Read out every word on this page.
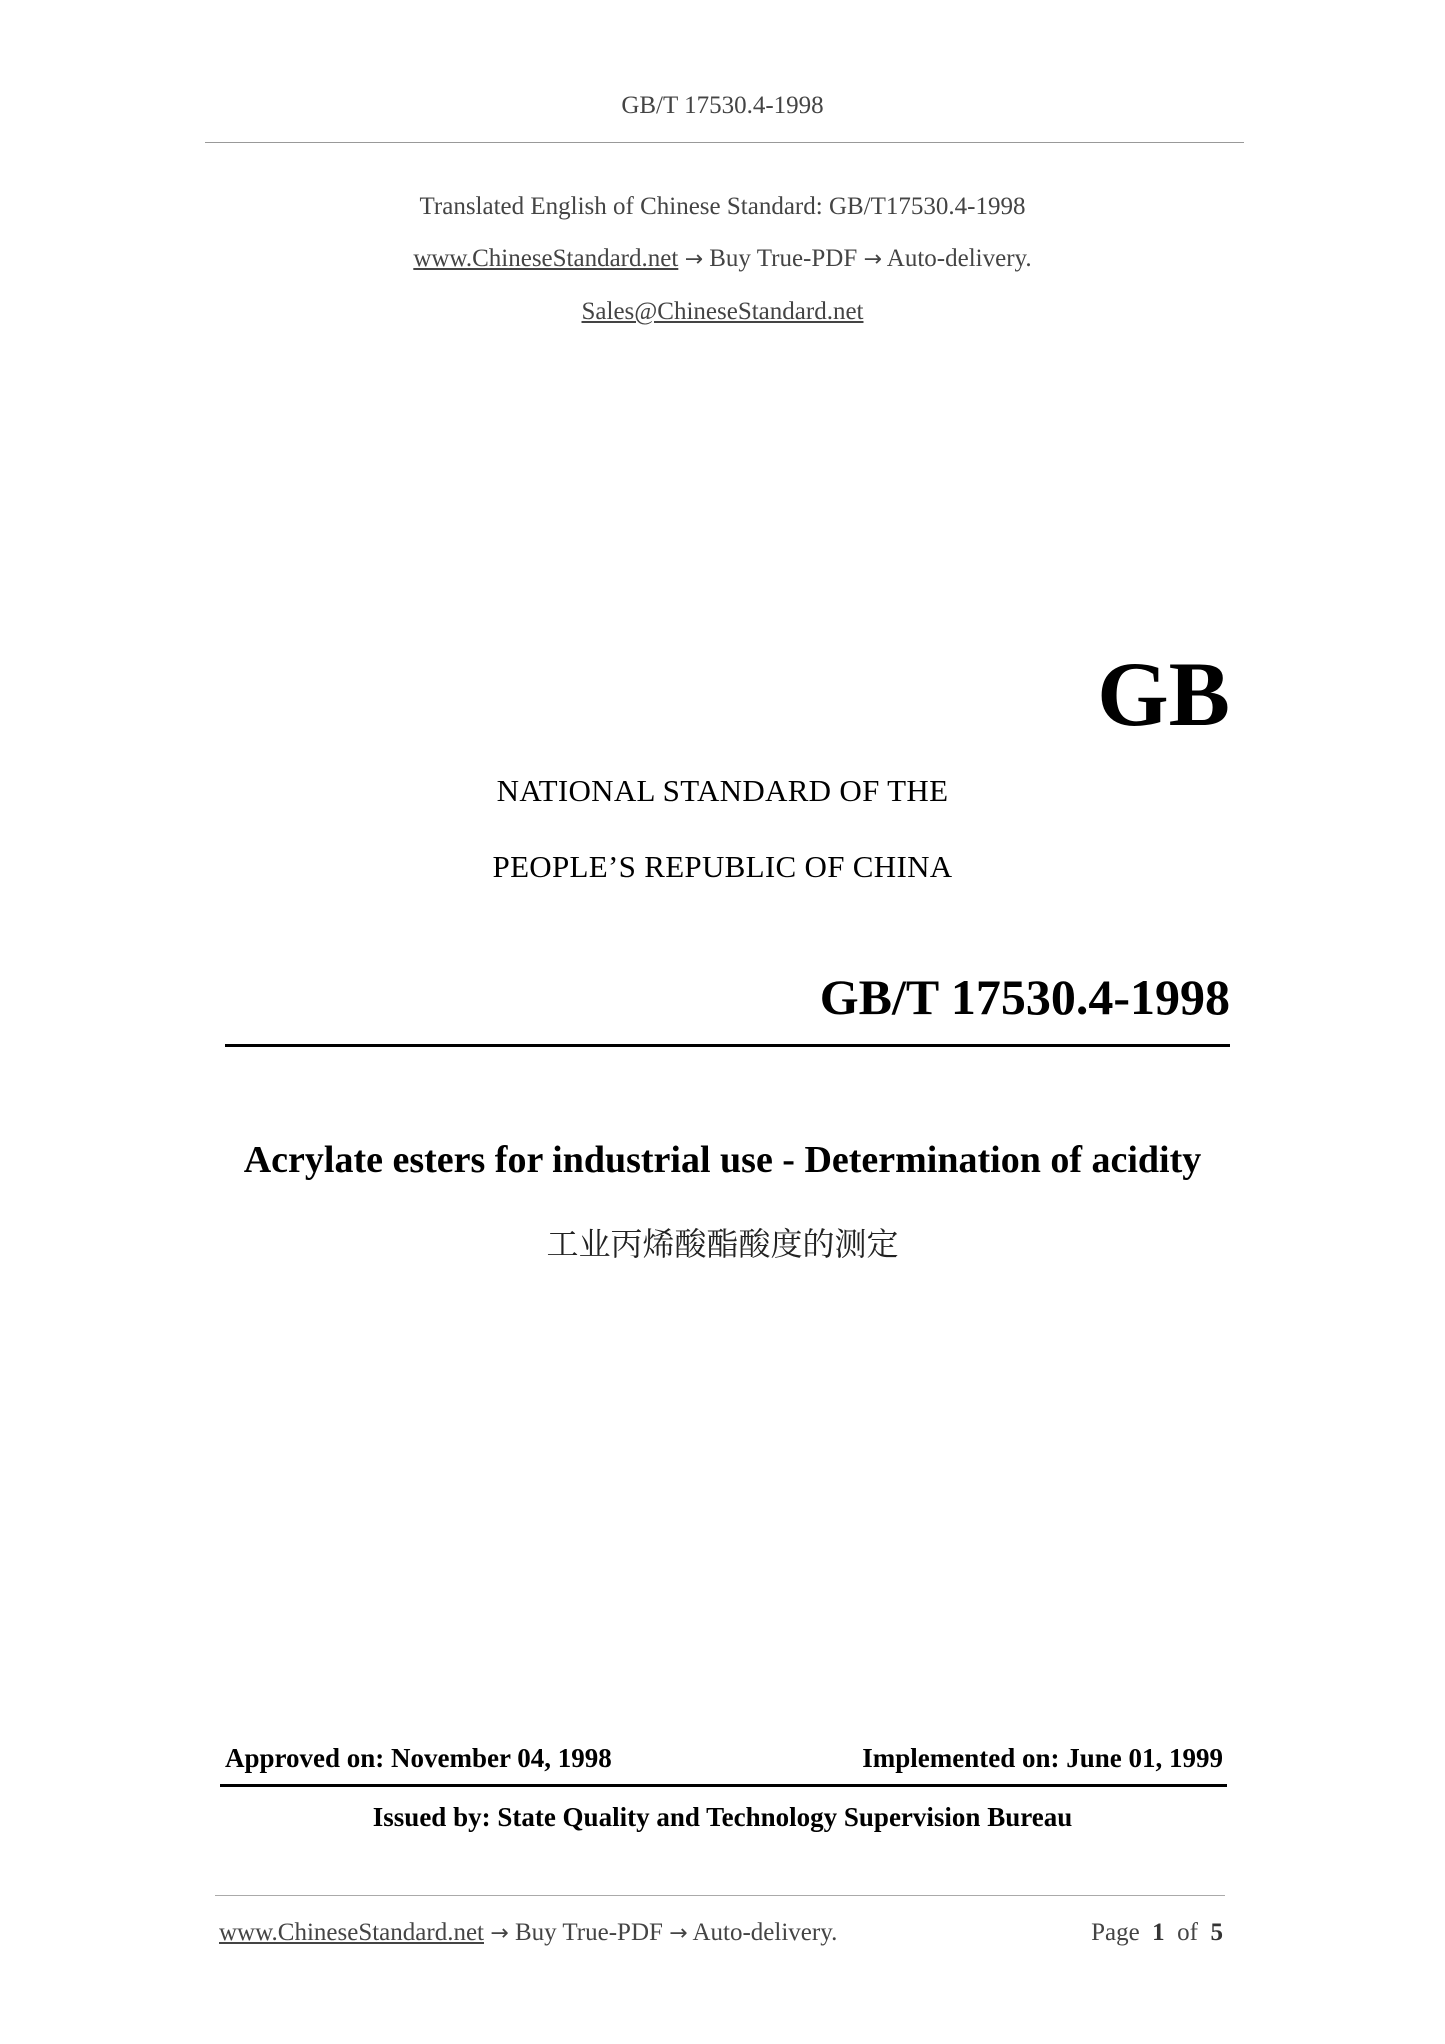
GB/T 17530.4-1998
Translated English of Chinese Standard: GB/T17530.4-1998
www.ChineseStandard.net → Buy True-PDF → Auto-delivery.
Sales@ChineseStandard.net
GB
NATIONAL STANDARD OF THE
PEOPLE’S REPUBLIC OF CHINA
GB/T 17530.4-1998
Acrylate esters for industrial use - Determination of acidity
工业丙烯酸酯酸度的测定
Approved on: November 04, 1998	Implemented on: June 01, 1999
Issued by: State Quality and Technology Supervision Bureau
www.ChineseStandard.net → Buy True-PDF → Auto-delivery.	Page 1 of 5
